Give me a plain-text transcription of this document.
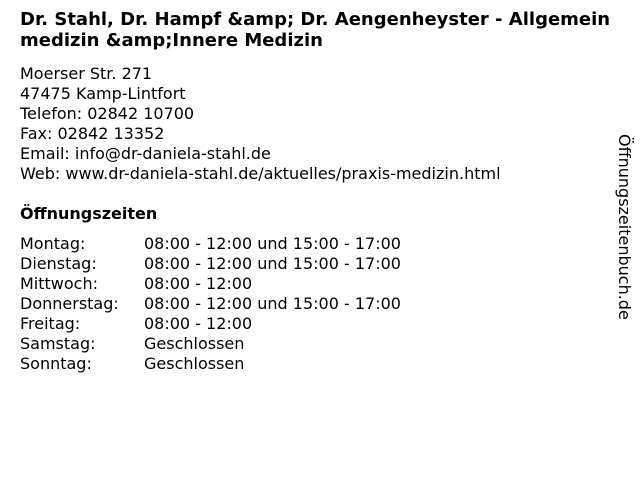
Dr. Stahl, Dr. Hampf &amp; Dr. Aengenheyster - Allgemeinmedizin &amp;Innere Medizin
Moerser Str. 271
47475 Kamp-Lintfort
Telefon: 02842 10700
Fax: 02842 13352
Email: info@dr-daniela-stahl.de
Web: www.dr-daniela-stahl.de/aktuelles/praxis-medizin.html
Öffnungszeiten
Montag:	08:00 - 12:00 und 15:00 - 17:00
Dienstag:	08:00 - 12:00 und 15:00 - 17:00
Mittwoch:	08:00 - 12:00
Donnerstag:	08:00 - 12:00 und 15:00 - 17:00
Freitag:	08:00 - 12:00
Samstag:	Geschlossen
Sonntag:	Geschlossen
Öffnungszeitenbuch.de
